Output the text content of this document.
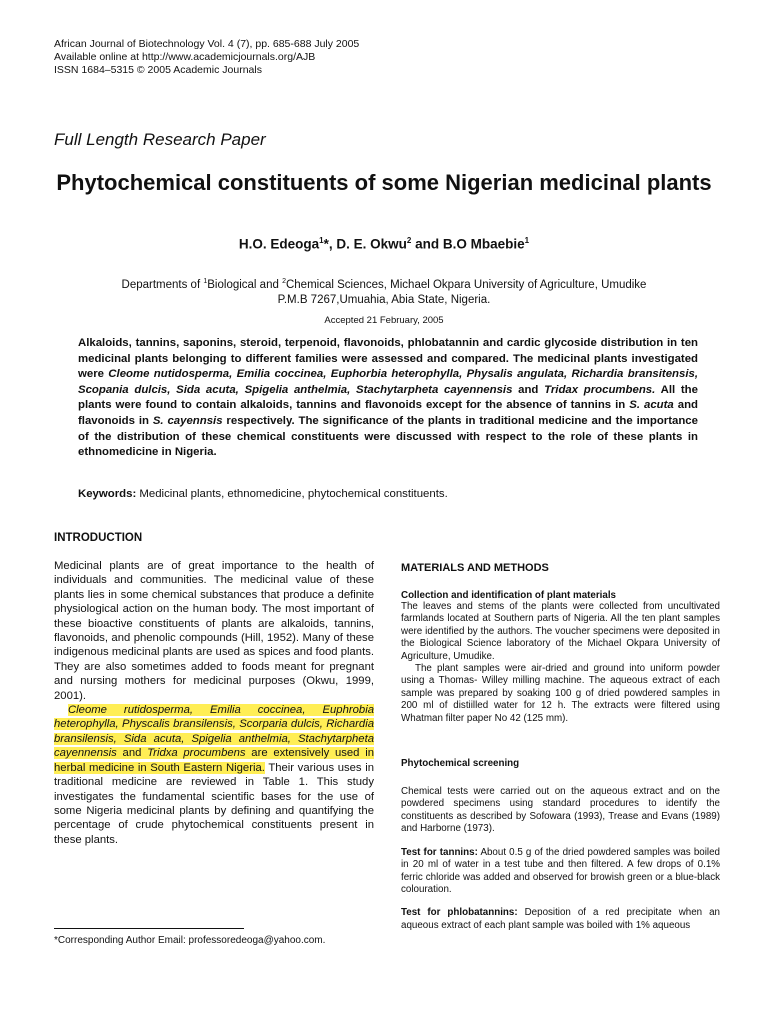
African Journal of Biotechnology Vol. 4 (7), pp. 685-688 July 2005
Available online at http://www.academicjournals.org/AJB
ISSN 1684–5315 © 2005 Academic Journals
Full Length Research Paper
Phytochemical constituents of some Nigerian medicinal plants
H.O. Edeoga$^1$*, D. E. Okwu$^2$ and B.O Mbaebie$^1$
Departments of $^1$Biological and $^2$Chemical Sciences, Michael Okpara University of Agriculture, Umudike
P.M.B 7267,Umuahia, Abia State, Nigeria.
Accepted 21 February, 2005
Alkaloids, tannins, saponins, steroid, terpenoid, flavonoids, phlobatannin and cardic glycoside distribution in ten medicinal plants belonging to different families were assessed and compared. The medicinal plants investigated were Cleome nutidosperma, Emilia coccinea, Euphorbia heterophylla, Physalis angulata, Richardia bransitensis, Scopania dulcis, Sida acuta, Spigelia anthelmia, Stachytarpheta cayennensis and Tridax procumbens. All the plants were found to contain alkaloids, tannins and flavonoids except for the absence of tannins in S. acuta and flavonoids in S. cayennsis respectively. The significance of the plants in traditional medicine and the importance of the distribution of these chemical constituents were discussed with respect to the role of these plants in ethnomedicine in Nigeria.
Keywords: Medicinal plants, ethnomedicine, phytochemical constituents.
INTRODUCTION
Medicinal plants are of great importance to the health of individuals and communities. The medicinal value of these plants lies in some chemical substances that produce a definite physiological action on the human body. The most important of these bioactive constituents of plants are alkaloids, tannins, flavonoids, and phenolic compounds (Hill, 1952). Many of these indigenous medicinal plants are used as spices and food plants. They are also sometimes added to foods meant for pregnant and nursing mothers for medicinal purposes (Okwu, 1999, 2001).
Cleome rutidosperma, Emilia coccinea, Euphrobia heterophylla, Physcalis bransilensis, Scorparia dulcis, Richardia bransilensis, Sida acuta, Spigelia anthelmia, Stachytarpheta cayennensis and Tridxa procumbens are extensively used in herbal medicine in South Eastern Nigeria. Their various uses in traditional medicine are reviewed in Table 1. This study investigates the fundamental scientific bases for the use of some Nigeria medicinal plants by defining and quantifying the percentage of crude phytochemical constituents present in these plants.
*Corresponding Author Email: professoredeoga@yahoo.com.
MATERIALS AND METHODS
Collection and identification of plant materials
The leaves and stems of the plants were collected from uncultivated farmlands located at Southern parts of Nigeria. All the ten plant samples were identified by the authors. The voucher specimens were deposited in the Biological Science laboratory of the Michael Okpara University of Agriculture, Umudike.
The plant samples were air-dried and ground into uniform powder using a Thomas- Willey milling machine. The aqueous extract of each sample was prepared by soaking 100 g of dried powdered samples in 200 ml of distiilled water for 12 h. The extracts were filtered using Whatman filter paper No 42 (125 mm).
Phytochemical screening
Chemical tests were carried out on the aqueous extract and on the powdered specimens using standard procedures to identify the constituents as described by Sofowara (1993), Trease and Evans (1989) and Harborne (1973).
Test for tannins: About 0.5 g of the dried powdered samples was boiled in 20 ml of water in a test tube and then filtered. A few drops of 0.1% ferric chloride was added and observed for browish green or a blue-black colouration.
Test for phlobatannins: Deposition of a red precipitate when an aqueous extract of each plant sample was boiled with 1% aqueous
